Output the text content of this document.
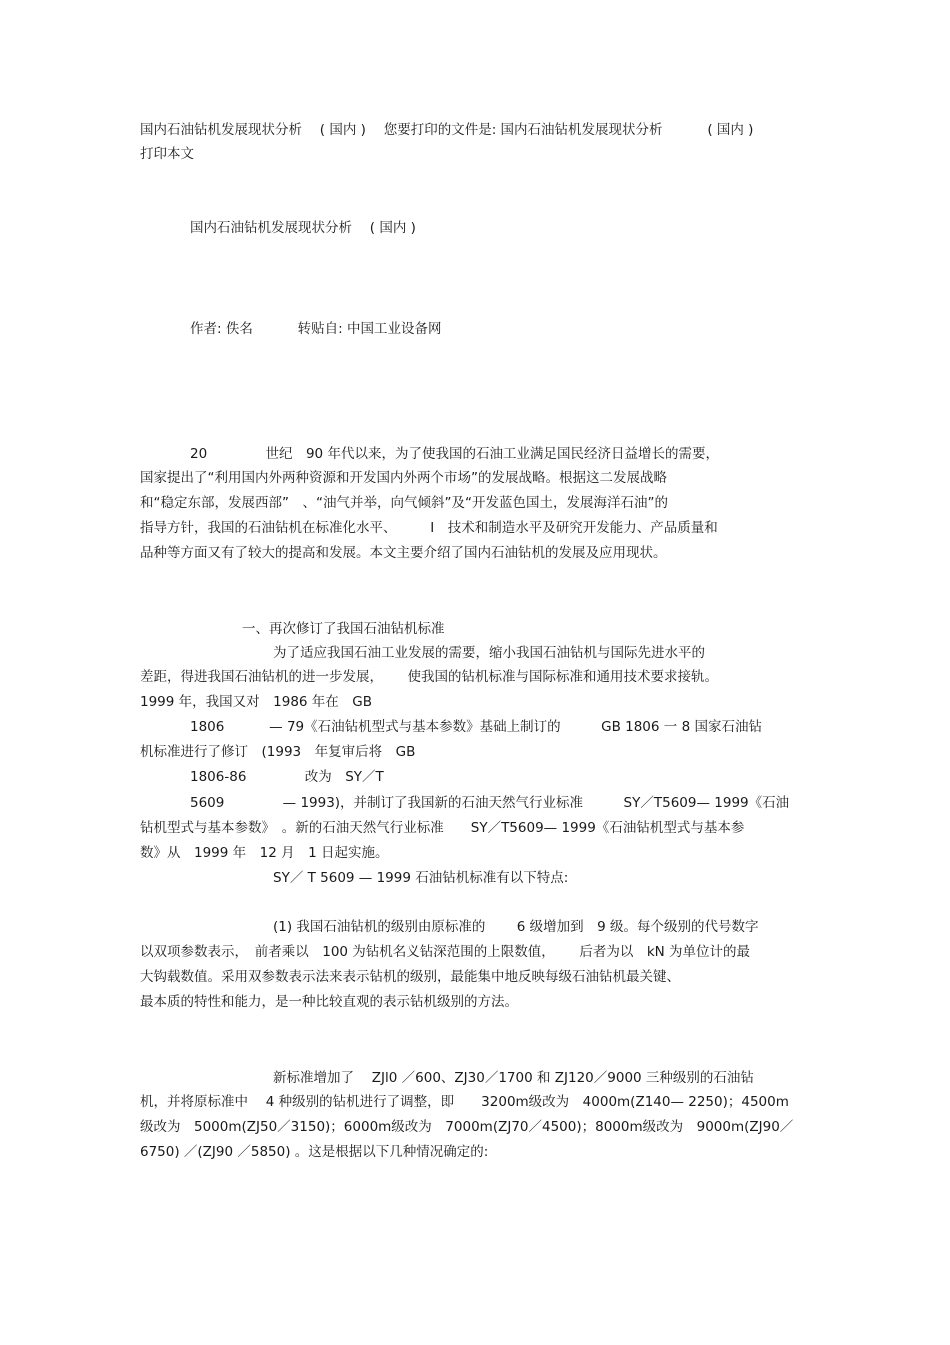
国内石油钻机发展现状分析　 ( 国内 )　 您要打印的文件是: 国内石油钻机发展现状分析　　　 ( 国内 )
打印本文
国内石油钻机发展现状分析　 ( 国内 )
作者: 佚名　　　 转贴自: 中国工业设备网
20　　　　 世纪　90 年代以来，为了使我国的石油工业满足国民经济日益增长的需要，
国家提出了“利用国内外两种资源和开发国内外两个市场”的发展战略。根据这二发展战略
和“稳定东部，发展西部”　、“油气并举，向气倾斜”及“开发蓝色国土，发展海洋石油”的
指导方针，我国的石油钻机在标准化水平、　　　I　技术和制造水平及研究开发能力、产品质量和
品种等方面又有了较大的提高和发展。本文主要介绍了国内石油钻机的发展及应用现状。
一、再次修订了我国石油钻机标准
为了适应我国石油工业发展的需要，缩小我国石油钻机与国际先进水平的
差距，得进我国石油钻机的进一步发展，　　 使我国的钻机标准与国际标准和通用技术要求接轨。
1999 年，我国又对　1986 年在　GB
1806　　　 — 79《石油钻机型式与基本参数》基础上制订的　　　GB 1806 一 8 国家石油钻
机标准进行了修订　(1993　年复审后将　GB
1806-86　　　　 改为　SY／T
5609　　　　 — 1993)，并制订了我国新的石油天然气行业标准　　　SY／T5609— 1999《石油
钻机型式与基本参数》　。新的石油天然气行业标准　　SY／T5609— 1999《石油钻机型式与基本参
数》从　1999 年　12 月　1 日起实施。
SY／ T 5609 — 1999 石油钻机标准有以下特点:
(1) 我国石油钻机的级别由原标准的　　 6 级增加到　9 级。每个级别的代号数字
以双项参数表示，　前者乘以　100 为钻机名义钻深范围的上限数值，　　 后者为以　kN 为单位计的最
大钩载数值。采用双参数表示法来表示钻机的级别，最能集中地反映每级石油钻机最关键、
最本质的特性和能力，是一种比较直观的表示钻机级别的方法。
新标准增加了　 ZJl0 ／600、ZJ30／1700 和 ZJ120／9000 三种级别的石油钻
机，并将原标准中　 4 种级别的钻机进行了调整，即　　3200m级改为　4000m(Z140— 2250)；4500m
级改为　5000m(ZJ50／3150)；6000m级改为　7000m(ZJ70／4500)；8000m级改为　9000m(ZJ90／
6750) ／(ZJ90 ／5850) 。这是根据以下几种情况确定的:
